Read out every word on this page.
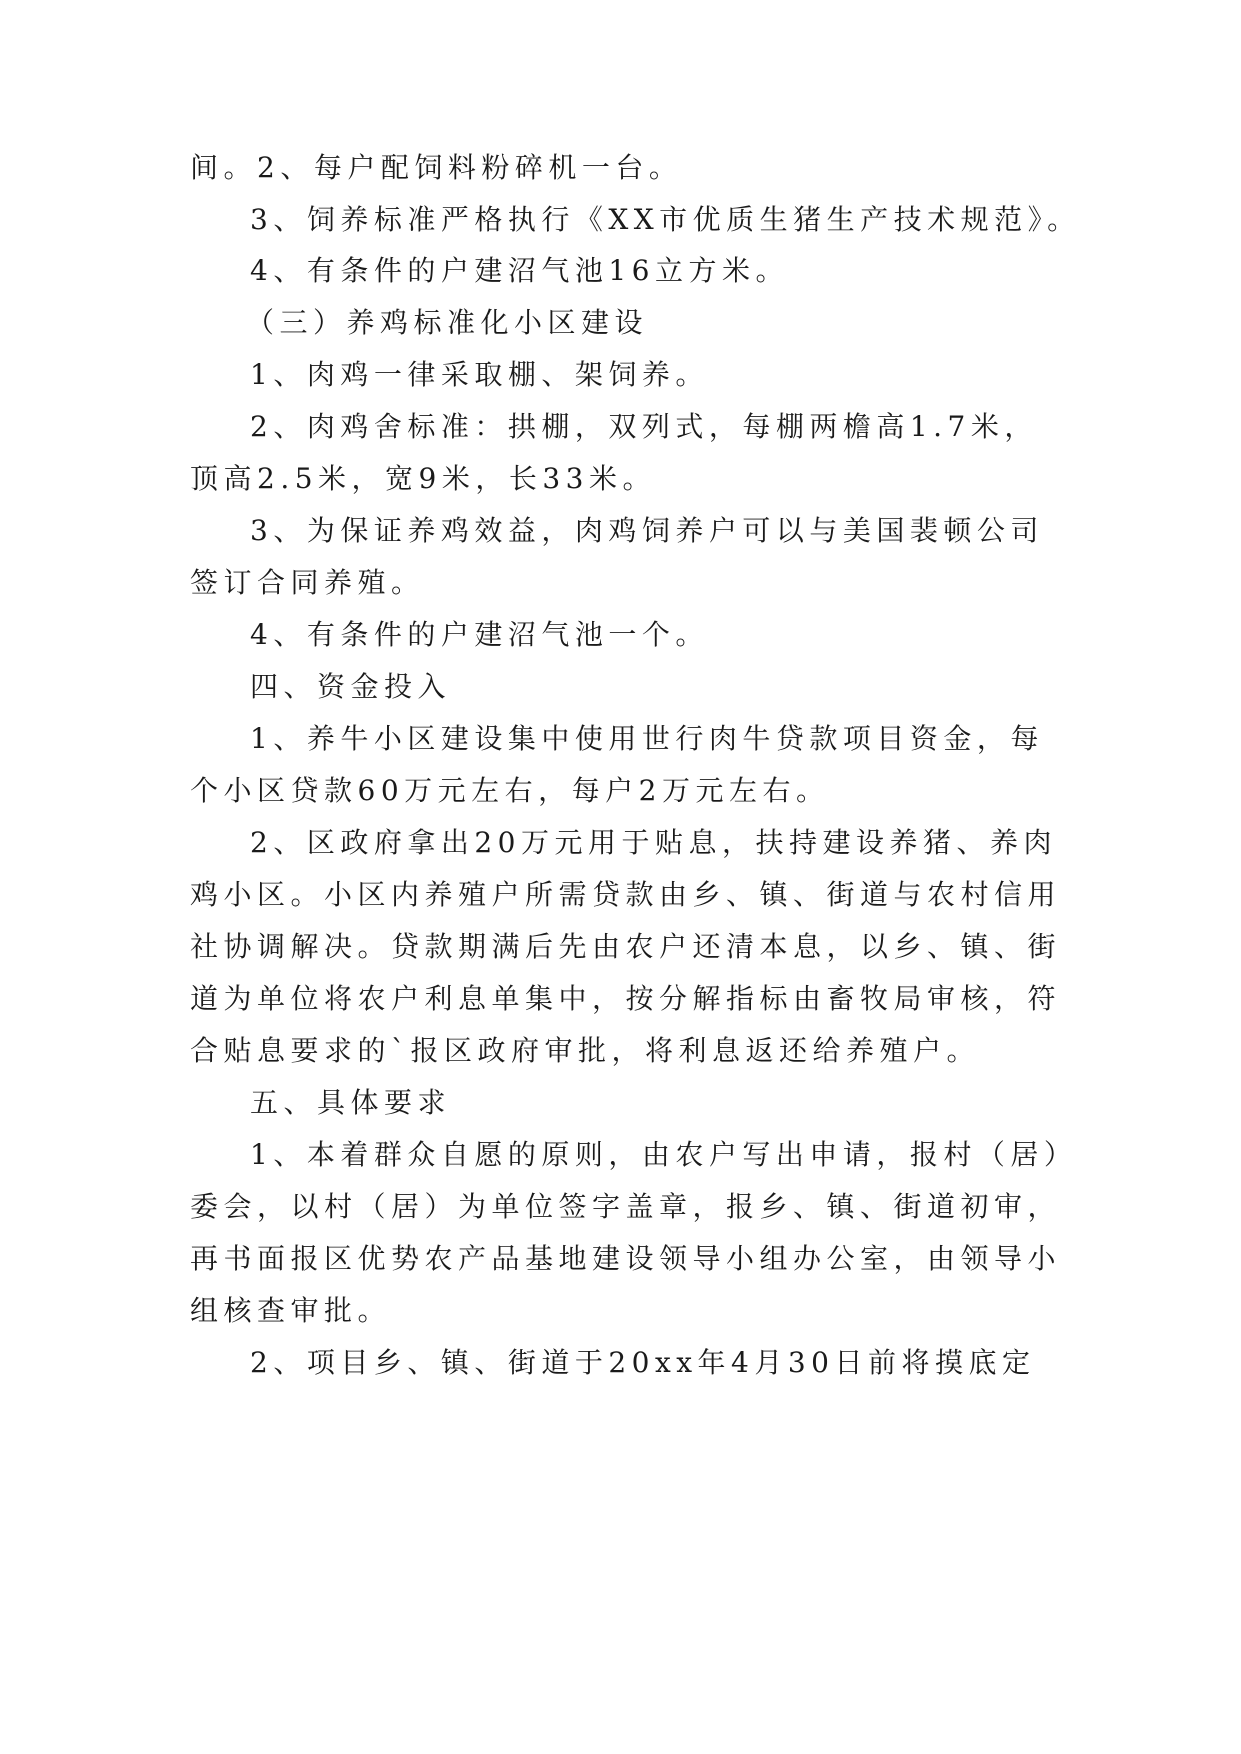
间。2、每户配饲料粉碎机一台。
3、饲养标准严格执行《XX市优质生猪生产技术规范》。
4、有条件的户建沼气池16立方米。
（三）养鸡标准化小区建设
1、肉鸡一律采取棚、架饲养。
2、肉鸡舍标准：拱棚，双列式，每棚两檐高1.7米，
顶高2.5米，宽9米，长33米。
3、为保证养鸡效益，肉鸡饲养户可以与美国裴顿公司
签订合同养殖。
4、有条件的户建沼气池一个。
四、资金投入
1、养牛小区建设集中使用世行肉牛贷款项目资金，每
个小区贷款60万元左右，每户2万元左右。
2、区政府拿出20万元用于贴息，扶持建设养猪、养肉
鸡小区。小区内养殖户所需贷款由乡、镇、街道与农村信用
社协调解决。贷款期满后先由农户还清本息，以乡、镇、街
道为单位将农户利息单集中，按分解指标由畜牧局审核，符
合贴息要求的`报区政府审批，将利息返还给养殖户。
五、具体要求
1、本着群众自愿的原则，由农户写出申请，报村（居）
委会，以村（居）为单位签字盖章，报乡、镇、街道初审，
再书面报区优势农产品基地建设领导小组办公室，由领导小
组核查审批。
2、项目乡、镇、街道于20xx年4月30日前将摸底定
